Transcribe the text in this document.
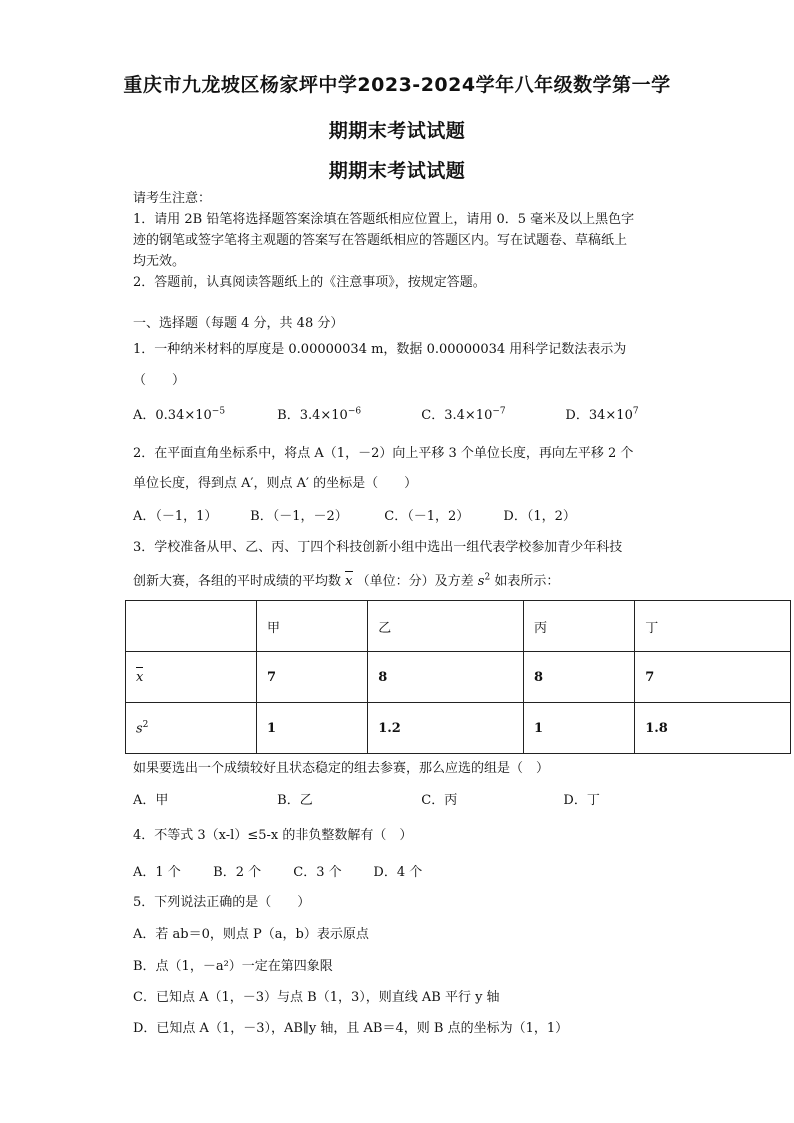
重庆市九龙坡区杨家坪中学2023-2024学年八年级数学第一学
期期末考试试题
期期末考试试题
请考生注意：
1．请用 2B 铅笔将选择题答案涂填在答题纸相应位置上，请用 0．5 毫米及以上黑色字
迹的钢笔或签字笔将主观题的答案写在答题纸相应的答题区内。写在试题卷、草稿纸上
均无效。
2．答题前，认真阅读答题纸上的《注意事项》，按规定答题。
一、选择题（每题 4 分，共 48 分）
1．一种纳米材料的厚度是 0.00000034 m，数据 0.00000034 用科学记数法表示为
（　　）
A．$0.34\times 10^{-5}$	B．$3.4\times 10^{-6}$	C．$3.4\times 10^{-7}$	D．$34\times 10^7$
2．在平面直角坐标系中，将点 A（1，－2）向上平移 3 个单位长度，再向左平移 2 个
单位长度，得到点 A′，则点 A′ 的坐标是（　　）
A．（－1，1）	B．（－1，－2）	C．（－1，2）	D．（1，2）
3．学校准备从甲、乙、丙、丁四个科技创新小组中选出一组代表学校参加青少年科技
创新大赛，各组的平时成绩的平均数 x （单位：分）及方差 $s^2$ 如表所示：
	甲	乙	丙	丁
x	7	8	8	7
$s^2$	1	1.2	1	1.8
如果要选出一个成绩较好且状态稳定的组去参赛，那么应选的组是（　）
A．甲	B．乙	C．丙	D．丁
4．不等式 3（x-l）≤5-x 的非负整数解有（　）
A．1 个 B．2 个 C．3 个 D．4 个
5．下列说法正确的是（　　）
A．若 ab＝0，则点 P（a，b）表示原点
B．点（1，－a²）一定在第四象限
C．已知点 A（1，－3）与点 B（1，3），则直线 AB 平行 y 轴
D．已知点 A（1，－3），AB∥y 轴，且 AB＝4，则 B 点的坐标为（1，1）
